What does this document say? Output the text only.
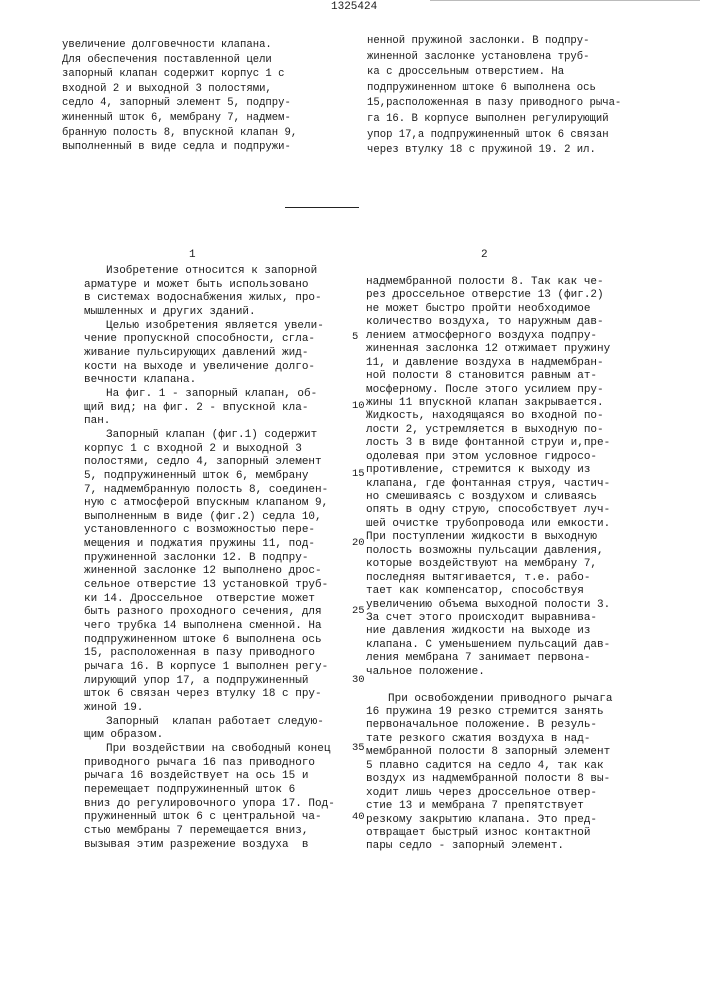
1325424
увеличение долговечности клапана.
Для обеспечения поставленной цели
запорный клапан содержит корпус 1 с
входной 2 и выходной 3 полостями,
седло 4, запорный элемент 5, подпру-
жиненный шток 6, мембрану 7, надмем-
бранную полость 8, впускной клапан 9,
выполненный в виде седла и подпружи-
ненной пружиной заслонки. В подпру-
жиненной заслонке установлена труб-
ка с дроссельным отверстием. На
подпружиненном штоке 6 выполнена ось
15,расположенная в пазу приводного рыча-
га 16. В корпусе выполнен регулирующий
упор 17,а подпружиненный шток 6 связан
через втулку 18 с пружиной 19. 2 ил.
1	2
Изобретение относится к запорной
арматуре и может быть использовано
в системах водоснабжения жилых, про-
мышленных и других зданий.
Целью изобретения является увели-
чение пропускной способности, сгла-
живание пульсирующих давлений жид-
кости на выходе и увеличение долго-
вечности клапана.
На фиг. 1 - запорный клапан, об-
щий вид; на фиг. 2 - впускной кла-
пан.
Запорный клапан (фиг.1) содержит
корпус 1 с входной 2 и выходной 3
полостями, седло 4, запорный элемент
5, подпружиненный шток 6, мембрану
7, надмембранную полость 8, соединен-
ную с атмосферой впускным клапаном 9,
выполненным в виде (фиг.2) седла 10,
установленного с возможностью пере-
мещения и поджатия пружины 11, под-
пружиненной заслонки 12. В подпру-
жиненной заслонке 12 выполнено дрос-
сельное отверстие 13 установкой труб-
ки 14. Дроссельное  отверстие может
быть разного проходного сечения, для
чего трубка 14 выполнена сменной. На
подпружиненном штоке 6 выполнена ось
15, расположенная в пазу приводного
рычага 16. В корпусе 1 выполнен регу-
лирующий упор 17, а подпружиненный
шток 6 связан через втулку 18 с пру-
жиной 19.
Запорный  клапан работает следую-
щим образом.
При воздействии на свободный конец
приводного рычага 16 паз приводного
рычага 16 воздействует на ось 15 и
перемещает подпружиненный шток 6
вниз до регулировочного упора 17. Под-
пружиненный шток 6 с центральной ча-
стью мембраны 7 перемещается вниз,
вызывая этим разрежение воздуха  в
надмембранной полости 8. Так как че-
рез дроссельное отверстие 13 (фиг.2)
не может быстро пройти необходимое
количество воздуха, то наружным дав-
лением атмосферного воздуха подпру-
жиненная заслонка 12 отжимает пружину
11, и давление воздуха в надмембран-
ной полости 8 становится равным ат-
мосферному. После этого усилием пру-
жины 11 впускной клапан закрывается.
Жидкость, находящаяся во входной по-
лости 2, устремляется в выходную по-
лость 3 в виде фонтанной струи и,пре-
одолевая при этом условное гидросо-
противление, стремится к выходу из
клапана, где фонтанная струя, частич-
но смешиваясь с воздухом и сливаясь
опять в одну струю, способствует луч-
шей очистке трубопровода или емкости.
При поступлении жидкости в выходную
полость возможны пульсации давления,
которые воздействуют на мембрану 7,
последняя вытягивается, т.е. рабо-
тает как компенсатор, способствуя
увеличению объема выходной полости 3.
За счет этого происходит выравнива-
ние давления жидкости на выходе из
клапана. С уменьшением пульсаций дав-
ления мембрана 7 занимает первона-
чальное положение.
При освобождении приводного рычага
16 пружина 19 резко стремится занять
первоначальное положение. В резуль-
тате резкого сжатия воздуха в над-
мембранной полости 8 запорный элемент
5 плавно садится на седло 4, так как
воздух из надмембранной полости 8 вы-
ходит лишь через дроссельное отвер-
стие 13 и мембрана 7 препятствует
резкому закрытию клапана. Это пред-
отвращает быстрый износ контактной
пары седло - запорный элемент.
5
10
15
20
25
30
35
40
